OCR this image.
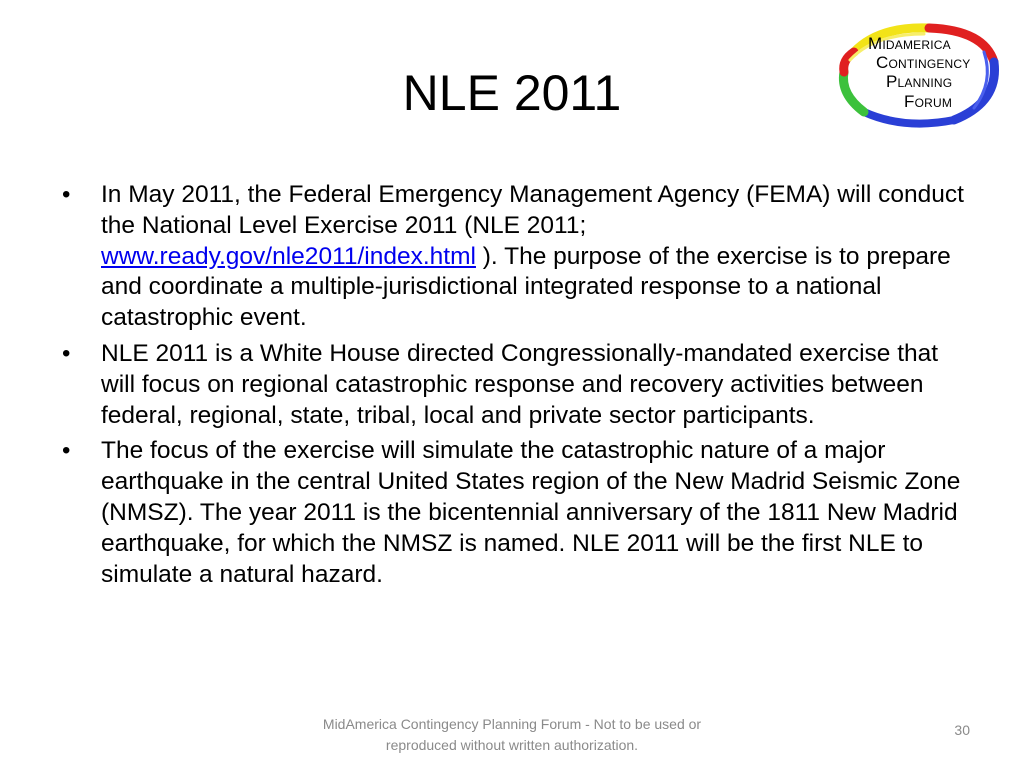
NLE 2011
MIDAMERICA
CONTINGENCY
PLANNING
FORUM
•	In May 2011, the Federal Emergency Management Agency (FEMA) will conduct the National Level Exercise 2011 (NLE 2011; www.ready.gov/nle2011/index.html ). The purpose of the exercise is to prepare and coordinate a multiple-jurisdictional integrated response to a national catastrophic event.
•	NLE 2011 is a White House directed Congressionally-mandated exercise that will focus on regional catastrophic response and recovery activities between federal, regional, state, tribal, local and private sector participants.
•	The focus of the exercise will simulate the catastrophic nature of a major earthquake in the central United States region of the New Madrid Seismic Zone (NMSZ). The year 2011 is the bicentennial anniversary of the 1811 New Madrid earthquake, for which the NMSZ is named. NLE 2011 will be the first NLE to simulate a natural hazard.
MidAmerica Contingency Planning Forum - Not to be used or
reproduced without written authorization.
30
